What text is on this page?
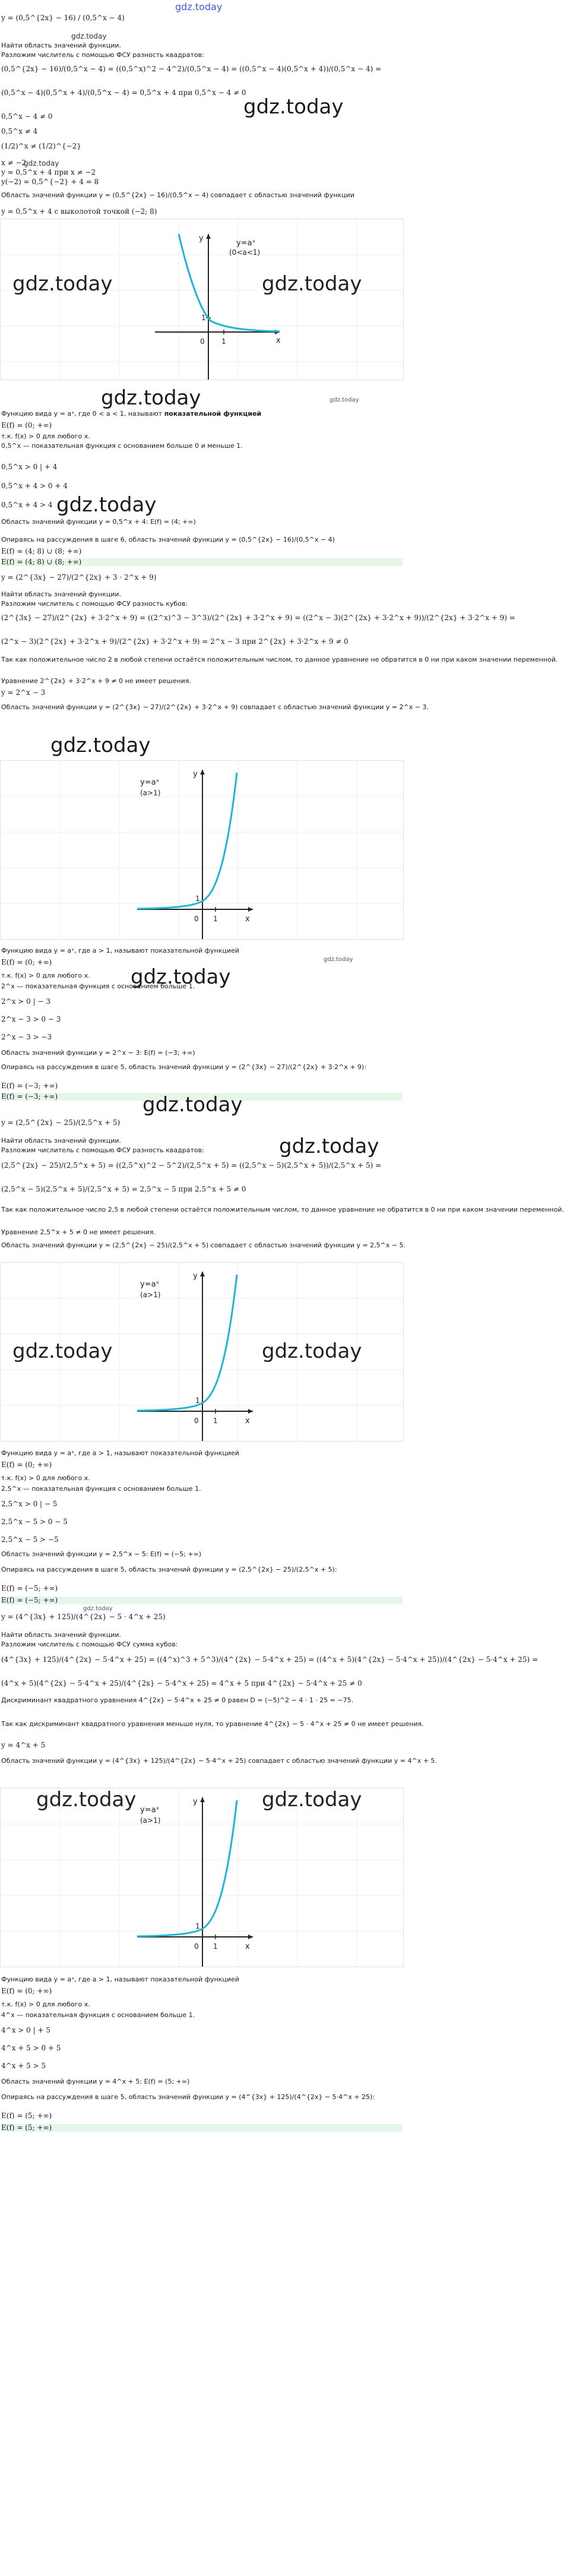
gdz.today
y = (0,5^{2x} − 16) / (0,5^x − 4)
gdz.today
Найти область значений функции.
Разложим числитель с помощью ФСУ разность квадратов:
(0,5^{2x} − 16)/(0,5^x − 4) = ((0,5^x)^2 − 4^2)/(0,5^x − 4) = ((0,5^x − 4)(0,5^x + 4))/(0,5^x − 4) =
(0,5^x − 4)(0,5^x + 4)/(0,5^x − 4) = 0,5^x + 4 при 0,5^x − 4 ≠ 0
gdz.today
0,5^x − 4 ≠ 0
0,5^x ≠ 4
(1/2)^x ≠ (1/2)^{−2}
x ≠ −2
gdz.today
y = 0,5^x + 4 при x ≠ −2
y(−2) = 0,5^{−2} + 4 = 8
Область значений функции y = (0,5^{2x} − 16)/(0,5^x − 4) совпадает с областью значений функции
y = 0,5^x + 4 с выколотой точкой (−2; 8)
y=aˣ
(0<a<1)
x
y
0 1
1
gdz.today	gdz.today
gdz.today	gdz.today
Функцию вида y = aˣ, где 0 < a < 1, называют показательной функцией
E(f) = (0; +∞)
т.к. f(x) > 0 для любого x.
0,5^x — показательная функция с основанием больше 0 и меньше 1.
0,5^x > 0 | + 4
0,5^x + 4 > 0 + 4
0,5^x + 4 > 4 gdz.today
Область значений функции y = 0,5^x + 4: E(f) = (4; +∞)
Опираясь на рассуждения в шаге 6, область значений функции y = (0,5^{2x} − 16)/(0,5^x − 4)
E(f) = (4; 8) ∪ (8; +∞)
E(f) = (4; 8) ∪ (8; +∞)
y = (2^{3x} − 27)/(2^{2x} + 3 · 2^x + 9)
Найти область значений функции.
Разложим числитель с помощью ФСУ разность кубов:
(2^{3x} − 27)/(2^{2x} + 3·2^x + 9) = ((2^x)^3 − 3^3)/(2^{2x} + 3·2^x + 9) = ((2^x − 3)(2^{2x} + 3·2^x + 9))/(2^{2x} + 3·2^x + 9) =
(2^x − 3)(2^{2x} + 3·2^x + 9)/(2^{2x} + 3·2^x + 9) = 2^x − 3 при 2^{2x} + 3·2^x + 9 ≠ 0
Так как положительное число 2 в любой степени остаётся положительным числом, то данное уравнение не обратится в 0 ни при каком значении переменной.
Уравнение 2^{2x} + 3·2^x + 9 ≠ 0 не имеет решения.
y = 2^x − 3
Область значений функции y = (2^{3x} − 27)/(2^{2x} + 3·2^x + 9) совпадает с областью значений функции y = 2^x − 3.
gdz.today
y=aˣ
(a>1)
x
y
0 1
1
Функцию вида y = aˣ, где a > 1, называют показательной функцией
gdz.today
E(f) = (0; +∞)
gdz.today
т.к. f(x) > 0 для любого x.
2^x — показательная функция с основанием больше 1.
2^x > 0 | − 3
2^x − 3 > 0 − 3
2^x − 3 > −3
Область значений функции y = 2^x − 3: E(f) = (−3; +∞)
Опираясь на рассуждения в шаге 5, область значений функции y = (2^{3x} − 27)/(2^{2x} + 3·2^x + 9):
E(f) = (−3; +∞)
E(f) = (−3; +∞)	gdz.today
y = (2,5^{2x} − 25)/(2,5^x + 5)
Найти область значений функции.
Разложим числитель с помощью ФСУ разность квадратов:	gdz.today
(2,5^{2x} − 25)/(2,5^x + 5) = ((2,5^x)^2 − 5^2)/(2,5^x + 5) = ((2,5^x − 5)(2,5^x + 5))/(2,5^x + 5) =
(2,5^x − 5)(2,5^x + 5)/(2,5^x + 5) = 2,5^x − 5 при 2,5^x + 5 ≠ 0
Так как положительное число 2,5 в любой степени остаётся положительным числом, то данное уравнение не обратится в 0 ни при каком значении переменной.
Уравнение 2,5^x + 5 ≠ 0 не имеет решения.
Область значений функции y = (2,5^{2x} − 25)/(2,5^x + 5) совпадает с областью значений функции y = 2,5^x − 5.
y=aˣ
(a>1)
x
y
0 1
1
gdz.today	gdz.today
Функцию вида y = aˣ, где a > 1, называют показательной функцией
E(f) = (0; +∞)
т.к. f(x) > 0 для любого x.
2,5^x — показательная функция с основанием больше 1.
2,5^x > 0 | − 5
2,5^x − 5 > 0 − 5
2,5^x − 5 > −5
Область значений функции y = 2,5^x − 5: E(f) = (−5; +∞)
Опираясь на рассуждения в шаге 5, область значений функции y = (2,5^{2x} − 25)/(2,5^x + 5):
E(f) = (−5; +∞)
E(f) = (−5; +∞)
gdz.today
y = (4^{3x} + 125)/(4^{2x} − 5 · 4^x + 25)
Найти область значений функции.
Разложим числитель с помощью ФСУ сумма кубов:
(4^{3x} + 125)/(4^{2x} − 5·4^x + 25) = ((4^x)^3 + 5^3)/(4^{2x} − 5·4^x + 25) = ((4^x + 5)(4^{2x} − 5·4^x + 25))/(4^{2x} − 5·4^x + 25) =
(4^x + 5)(4^{2x} − 5·4^x + 25)/(4^{2x} − 5·4^x + 25) = 4^x + 5 при 4^{2x} − 5·4^x + 25 ≠ 0
Дискриминант квадратного уравнения 4^{2x} − 5·4^x + 25 ≠ 0 равен D = (−5)^2 − 4 · 1 · 25 = −75.
Так как дискриминант квадратного уравнения меньше нуля, то уравнение 4^{2x} − 5 · 4^x + 25 ≠ 0 не имеет решения.
y = 4^x + 5
Область значений функции y = (4^{3x} + 125)/(4^{2x} − 5·4^x + 25) совпадает с областью значений функции y = 4^x + 5.
y=aˣ
(a>1)
x
y
0 1
1
gdz.today	gdz.today
Функцию вида y = aˣ, где a > 1, называют показательной функцией
E(f) = (0; +∞)
т.к. f(x) > 0 для любого x.
4^x — показательная функция с основанием больше 1.
4^x > 0 | + 5
4^x + 5 > 0 + 5
4^x + 5 > 5
Область значений функции y = 4^x + 5: E(f) = (5; +∞)
Опираясь на рассуждения в шаге 5, область значений функции y = (4^{3x} + 125)/(4^{2x} − 5·4^x + 25):
E(f) = (5; +∞)
E(f) = (5; +∞)
